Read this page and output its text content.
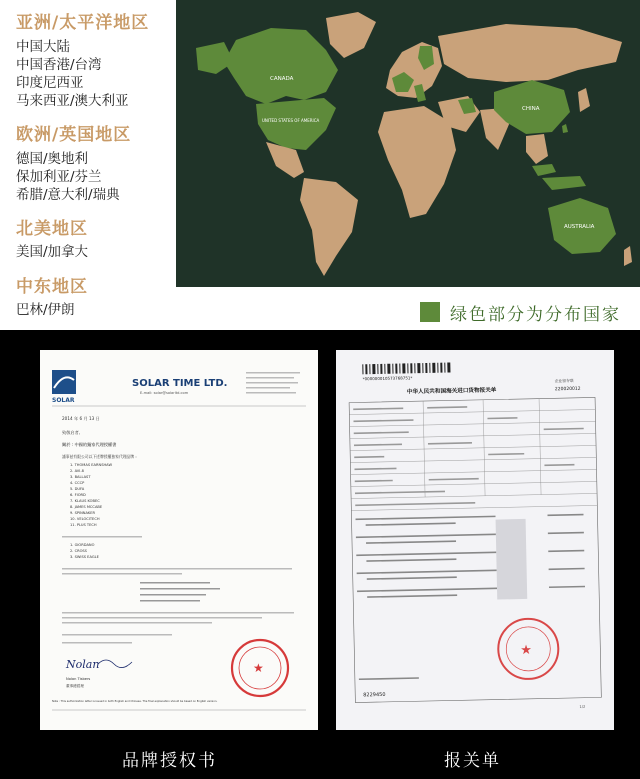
亚洲/太平洋地区
中国大陆
中国香港/台湾
印度尼西亚
马来西亚/澳大利亚
欧洲/英国地区
德国/奥地利
保加利亚/芬兰
希腊/意大利/瑞典
北美地区
美国/加拿大
中东地区
巴林/伊朗
CANADA
UNITED STATES OF AMERICA
CHINA
AUSTRALIA
绿色部分为分布国家
SOLAR
SOLAR TIME LTD.
E-mail: solar@solarltd.com
2014 年 6 月 13 日
致敬启者,
關於 : 中國的獨家代理授權書
謹事兹有限公司以下述牌授權独家代理品牌 :
1. THOMAS EARNSHAW
2. AVI-8
3. BALLAST
4. CCCP
5. DUFA
6. FIORD
7. KLAUS KOBEC
8. JAMES MCCABE
9. SPINNAKER
10. VELOCITECH
11. PLUS TECH
1. GIORDANO
2. CROSS
3. SWISS EAGLE
Nolan
Nolan Tisbers
董事總經理
★
Note : This authorization letter is issued in both English and Chinese. The final explanation should be based on English version.
*000000010573768751*
中华人民共和国海关进口货物报关单
企业留存联
220020012
★
8229450
1/2
品牌授权书	报关单
